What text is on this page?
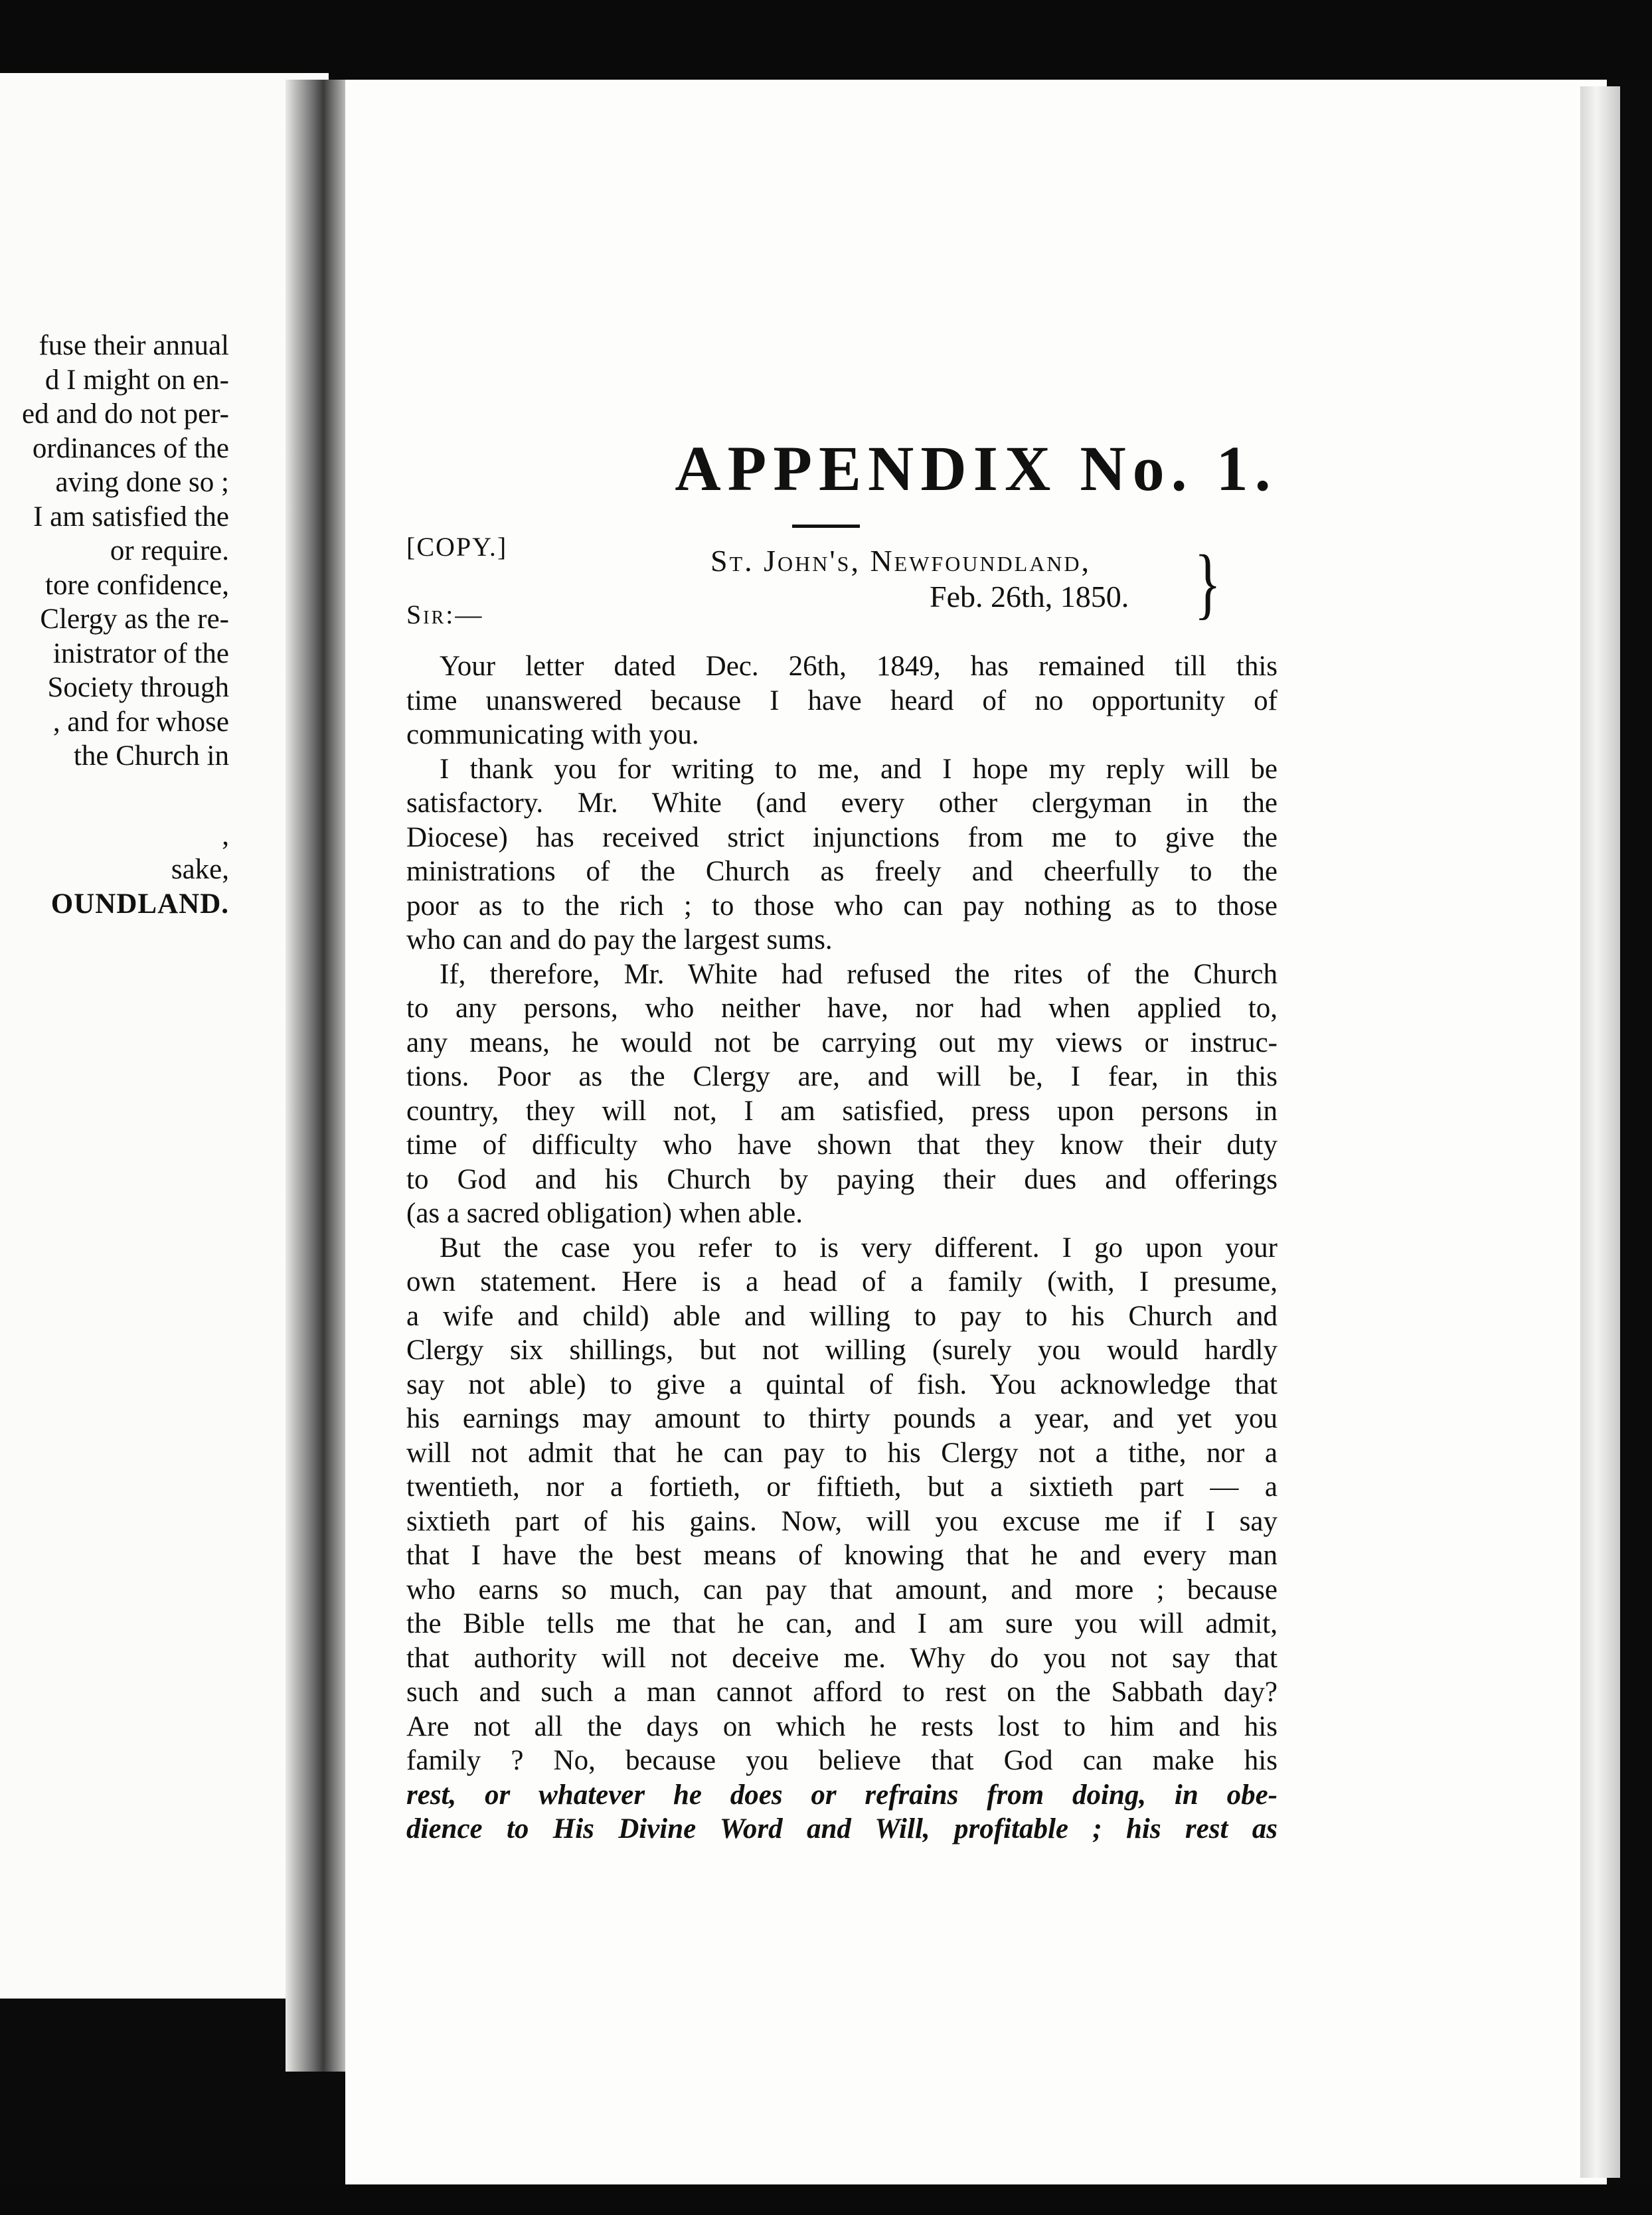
fuse their annual
d I might on en-
ed and do not per-
ordinances of the
aving done so ;
I am satisfied the
or require.
tore confidence,
Clergy as the re-
inistrator of the
Society through
, and for whose
the Church in
,
sake,
OUNDLAND.
APPENDIX No. 1.
[COPY.]	St. John's, Newfoundland,
Feb. 26th, 1850. }
Sir:—
Your letter dated Dec. 26th, 1849, has remained till this
time unanswered because I have heard of no opportunity of
communicating with you.
I thank you for writing to me, and I hope my reply will be
satisfactory. Mr. White (and every other clergyman in the
Diocese) has received strict injunctions from me to give the
ministrations of the Church as freely and cheerfully to the
poor as to the rich ; to those who can pay nothing as to those
who can and do pay the largest sums.
If, therefore, Mr. White had refused the rites of the Church
to any persons, who neither have, nor had when applied to,
any means, he would not be carrying out my views or instruc-
tions. Poor as the Clergy are, and will be, I fear, in this
country, they will not, I am satisfied, press upon persons in
time of difficulty who have shown that they know their duty
to God and his Church by paying their dues and offerings
(as a sacred obligation) when able.
But the case you refer to is very different. I go upon your
own statement. Here is a head of a family (with, I presume,
a wife and child) able and willing to pay to his Church and
Clergy six shillings, but not willing (surely you would hardly
say not able) to give a quintal of fish. You acknowledge that
his earnings may amount to thirty pounds a year, and yet you
will not admit that he can pay to his Clergy not a tithe, nor a
twentieth, nor a fortieth, or fiftieth, but a sixtieth part — a
sixtieth part of his gains. Now, will you excuse me if I say
that I have the best means of knowing that he and every man
who earns so much, can pay that amount, and more ; because
the Bible tells me that he can, and I am sure you will admit,
that authority will not deceive me. Why do you not say that
such and such a man cannot afford to rest on the Sabbath day?
Are not all the days on which he rests lost to him and his
family ? No, because you believe that God can make his
rest, or whatever he does or refrains from doing, in obe-
dience to His Divine Word and Will, profitable ; his rest as
